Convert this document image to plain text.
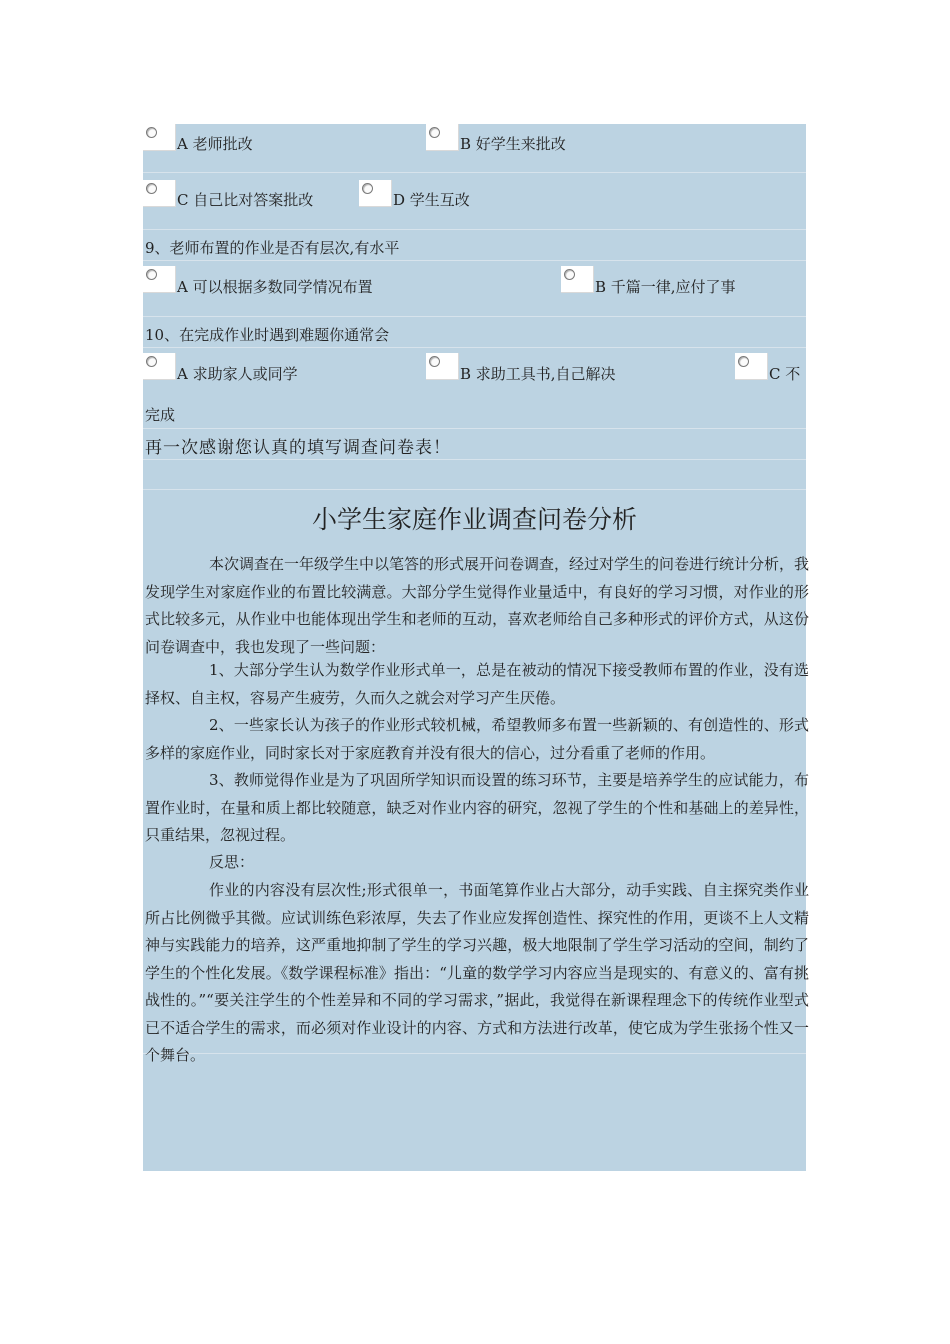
A 老师批改	B 好学生来批改
C 自己比对答案批改	D 学生互改
9、老师布置的作业是否有层次,有水平
A 可以根据多数同学情况布置	B 千篇一律,应付了事
10、在完成作业时遇到难题你通常会
A 求助家人或同学	B 求助工具书,自己解决	C 不
完成
再一次感谢您认真的填写调查问卷表！
小学生家庭作业调查问卷分析
本次调查在一年级学生中以笔答的形式展开问卷调查，经过对学生的问卷进行统计分析，我发现学生对家庭作业的布置比较满意。大部分学生觉得作业量适中，有良好的学习习惯，对作业的形式比较多元，从作业中也能体现出学生和老师的互动，喜欢老师给自己多种形式的评价方式，从这份问卷调查中，我也发现了一些问题：
1、大部分学生认为数学作业形式单一，总是在被动的情况下接受教师布置的作业，没有选择权、自主权，容易产生疲劳，久而久之就会对学习产生厌倦。
2、一些家长认为孩子的作业形式较机械，希望教师多布置一些新颖的、有创造性的、形式多样的家庭作业，同时家长对于家庭教育并没有很大的信心，过分看重了老师的作用。
3、教师觉得作业是为了巩固所学知识而设置的练习环节，主要是培养学生的应试能力，布置作业时，在量和质上都比较随意，缺乏对作业内容的研究，忽视了学生的个性和基础上的差异性，只重结果，忽视过程。
反思：
作业的内容没有层次性;形式很单一，书面笔算作业占大部分，动手实践、自主探究类作业所占比例微乎其微。应试训练色彩浓厚，失去了作业应发挥创造性、探究性的作用，更谈不上人文精神与实践能力的培养，这严重地抑制了学生的学习兴趣，极大地限制了学生学习活动的空间，制约了学生的个性化发展。《数学课程标准》指出：“儿童的数学学习内容应当是现实的、有意义的、富有挑战性的。”“要关注学生的个性差异和不同的学习需求，”据此，我觉得在新课程理念下的传统作业型式已不适合学生的需求，而必须对作业设计的内容、方式和方法进行改革，使它成为学生张扬个性又一个舞台。
